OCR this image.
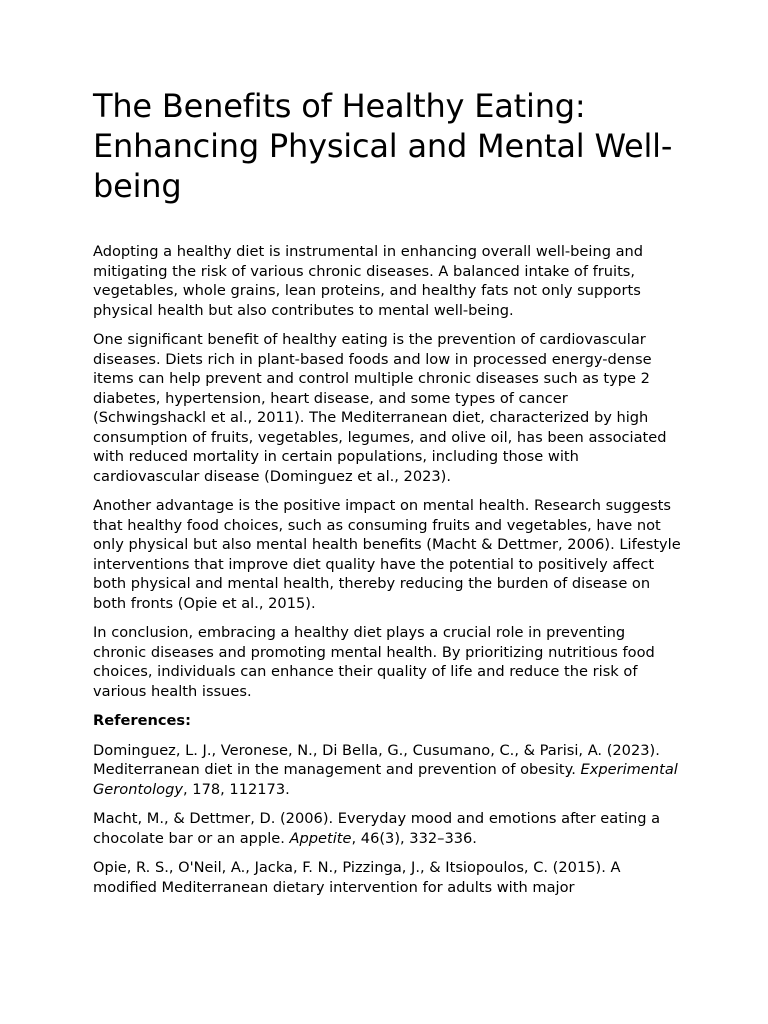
The Benefits of Healthy Eating: Enhancing Physical and Mental Well-being

Adopting a healthy diet is instrumental in enhancing overall well-being and mitigating the risk of various chronic diseases. A balanced intake of fruits, vegetables, whole grains, lean proteins, and healthy fats not only supports physical health but also contributes to mental well-being.

One significant benefit of healthy eating is the prevention of cardiovascular diseases. Diets rich in plant-based foods and low in processed energy-dense items can help prevent and control multiple chronic diseases such as type 2 diabetes, hypertension, heart disease, and some types of cancer (Schwingshackl et al., 2011). The Mediterranean diet, characterized by high consumption of fruits, vegetables, legumes, and olive oil, has been associated with reduced mortality in certain populations, including those with cardiovascular disease (Dominguez et al., 2023).

Another advantage is the positive impact on mental health. Research suggests that healthy food choices, such as consuming fruits and vegetables, have not only physical but also mental health benefits (Macht & Dettmer, 2006). Lifestyle interventions that improve diet quality have the potential to positively affect both physical and mental health, thereby reducing the burden of disease on both fronts (Opie et al., 2015).

In conclusion, embracing a healthy diet plays a crucial role in preventing chronic diseases and promoting mental health. By prioritizing nutritious food choices, individuals can enhance their quality of life and reduce the risk of various health issues.

References:

Dominguez, L. J., Veronese, N., Di Bella, G., Cusumano, C., & Parisi, A. (2023). Mediterranean diet in the management and prevention of obesity. Experimental Gerontology, 178, 112173.

Macht, M., & Dettmer, D. (2006). Everyday mood and emotions after eating a chocolate bar or an apple. Appetite, 46(3), 332–336.

Opie, R. S., O'Neil, A., Jacka, F. N., Pizzinga, J., & Itsiopoulos, C. (2015). A modified Mediterranean dietary intervention for adults with major
